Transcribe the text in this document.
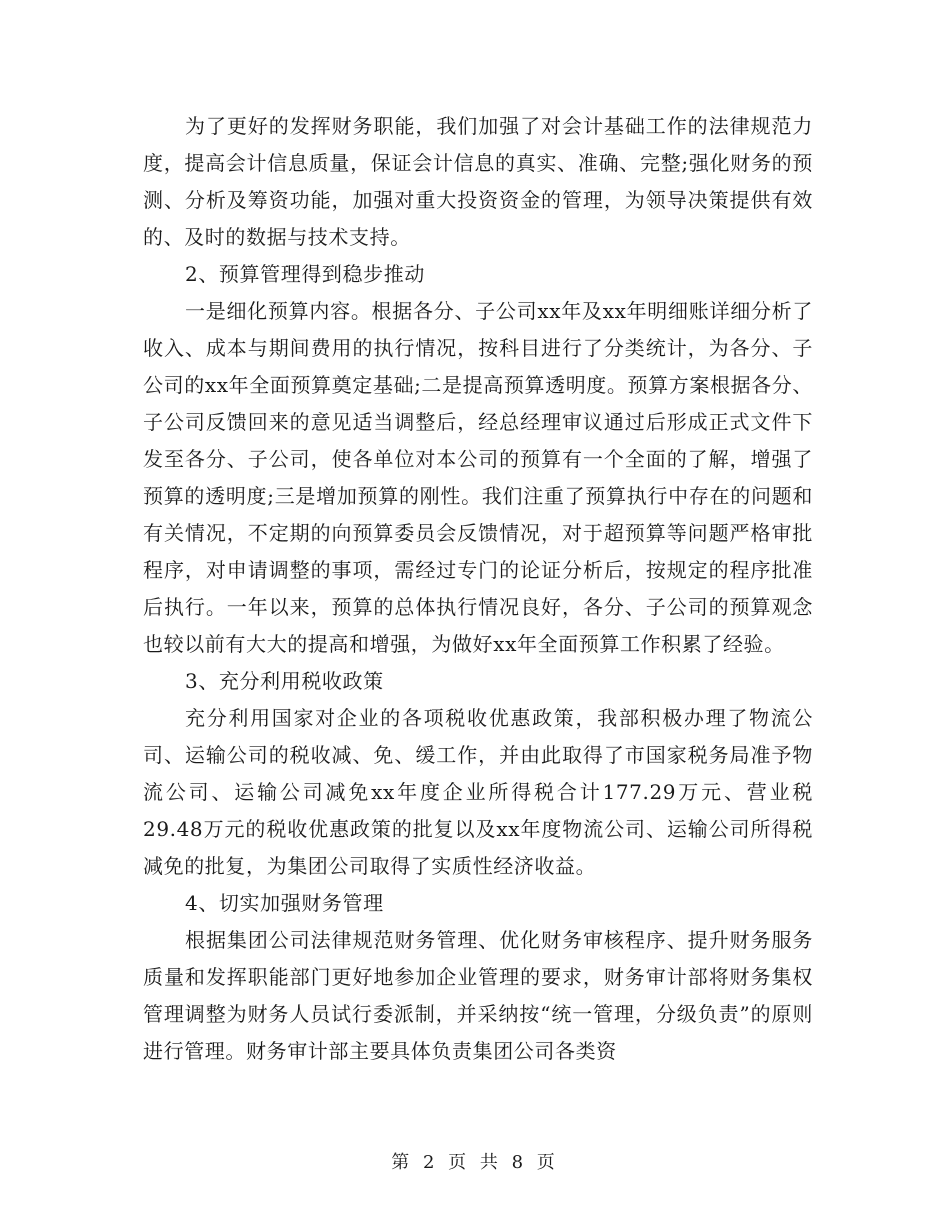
为了更好的发挥财务职能，我们加强了对会计基础工作的法律规范力度，提高会计信息质量，保证会计信息的真实、准确、完整;强化财务的预测、分析及筹资功能，加强对重大投资资金的管理，为领导决策提供有效的、及时的数据与技术支持。

2、预算管理得到稳步推动

一是细化预算内容。根据各分、子公司xx年及xx年明细账详细分析了收入、成本与期间费用的执行情况，按科目进行了分类统计，为各分、子公司的xx年全面预算奠定基础;二是提高预算透明度。预算方案根据各分、子公司反馈回来的意见适当调整后，经总经理审议通过后形成正式文件下发至各分、子公司，使各单位对本公司的预算有一个全面的了解，增强了预算的透明度;三是增加预算的刚性。我们注重了预算执行中存在的问题和有关情况，不定期的向预算委员会反馈情况，对于超预算等问题严格审批程序，对申请调整的事项，需经过专门的论证分析后，按规定的程序批准后执行。一年以来，预算的总体执行情况良好，各分、子公司的预算观念也较以前有大大的提高和增强，为做好xx年全面预算工作积累了经验。

3、充分利用税收政策

充分利用国家对企业的各项税收优惠政策，我部积极办理了物流公司、运输公司的税收减、免、缓工作，并由此取得了市国家税务局准予物流公司、运输公司减免xx年度企业所得税合计177.29万元、营业税29.48万元的税收优惠政策的批复以及xx年度物流公司、运输公司所得税减免的批复，为集团公司取得了实质性经济收益。

4、切实加强财务管理

根据集团公司法律规范财务管理、优化财务审核程序、提升财务服务质量和发挥职能部门更好地参加企业管理的要求，财务审计部将财务集权管理调整为财务人员试行委派制，并采纳按“统一管理，分级负责”的原则进行管理。财务审计部主要具体负责集团公司各类资

第 2 页 共 8 页
